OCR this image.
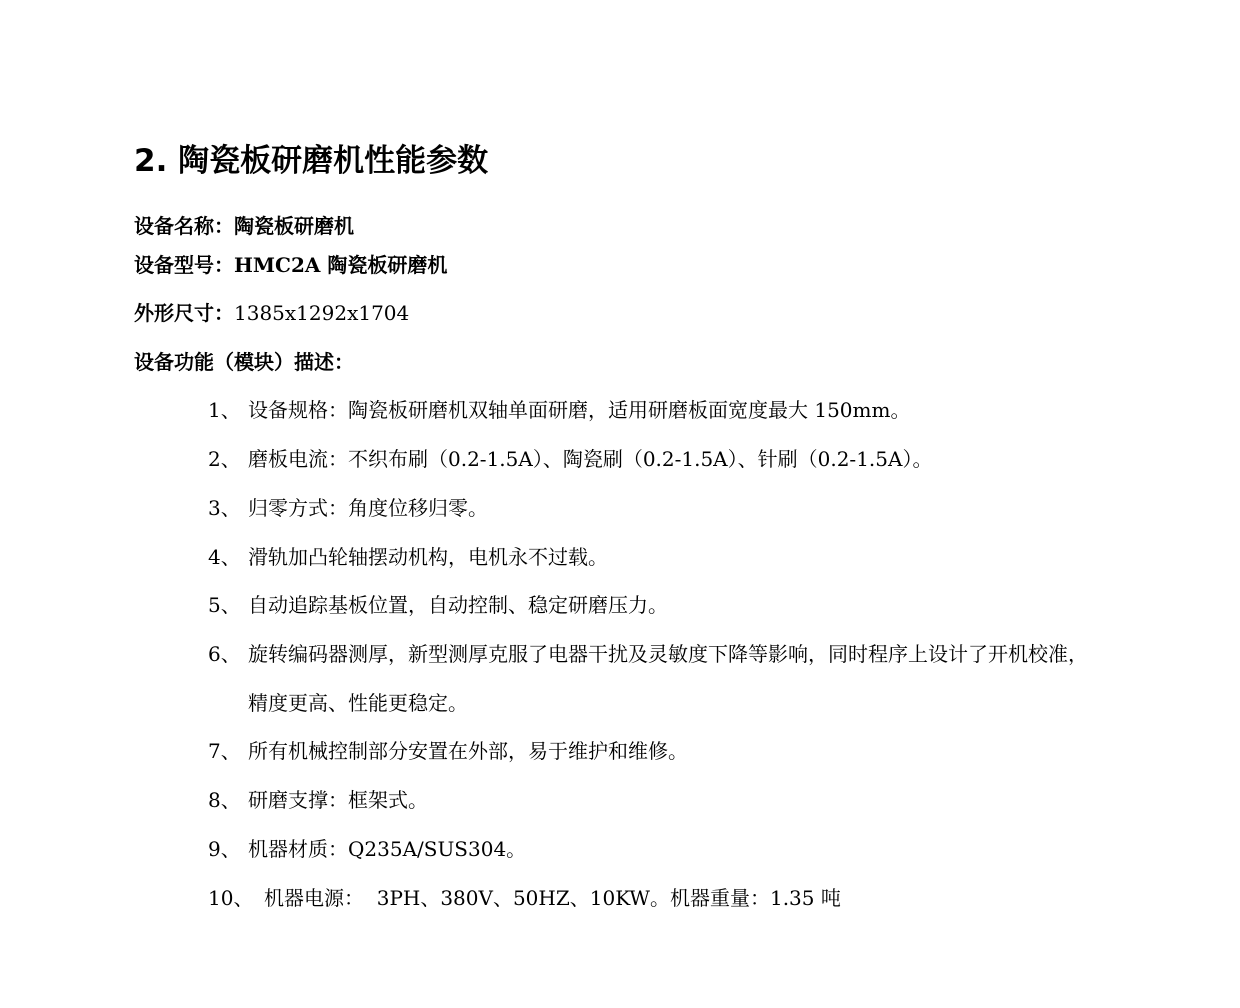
2. 陶瓷板研磨机性能参数
设备名称：陶瓷板研磨机
设备型号：HMC2A 陶瓷板研磨机
外形尺寸：1385x1292x1704
设备功能（模块）描述：
1、 设备规格：陶瓷板研磨机双轴单面研磨，适用研磨板面宽度最大 150mm。
2、 磨板电流：不织布刷（0.2-1.5A）、陶瓷刷（0.2-1.5A）、针刷（0.2-1.5A）。
3、 归零方式：角度位移归零。
4、 滑轨加凸轮轴摆动机构，电机永不过载。
5、 自动追踪基板位置，自动控制、稳定研磨压力。
6、 旋转编码器测厚，新型测厚克服了电器干扰及灵敏度下降等影响，同时程序上设计了开机校准，
精度更高、性能更稳定。
7、 所有机械控制部分安置在外部，易于维护和维修。
8、 研磨支撑：框架式。
9、 机器材质：Q235A/SUS304。
10、 机器电源：  3PH、380V、50HZ、10KW。机器重量：1.35 吨
